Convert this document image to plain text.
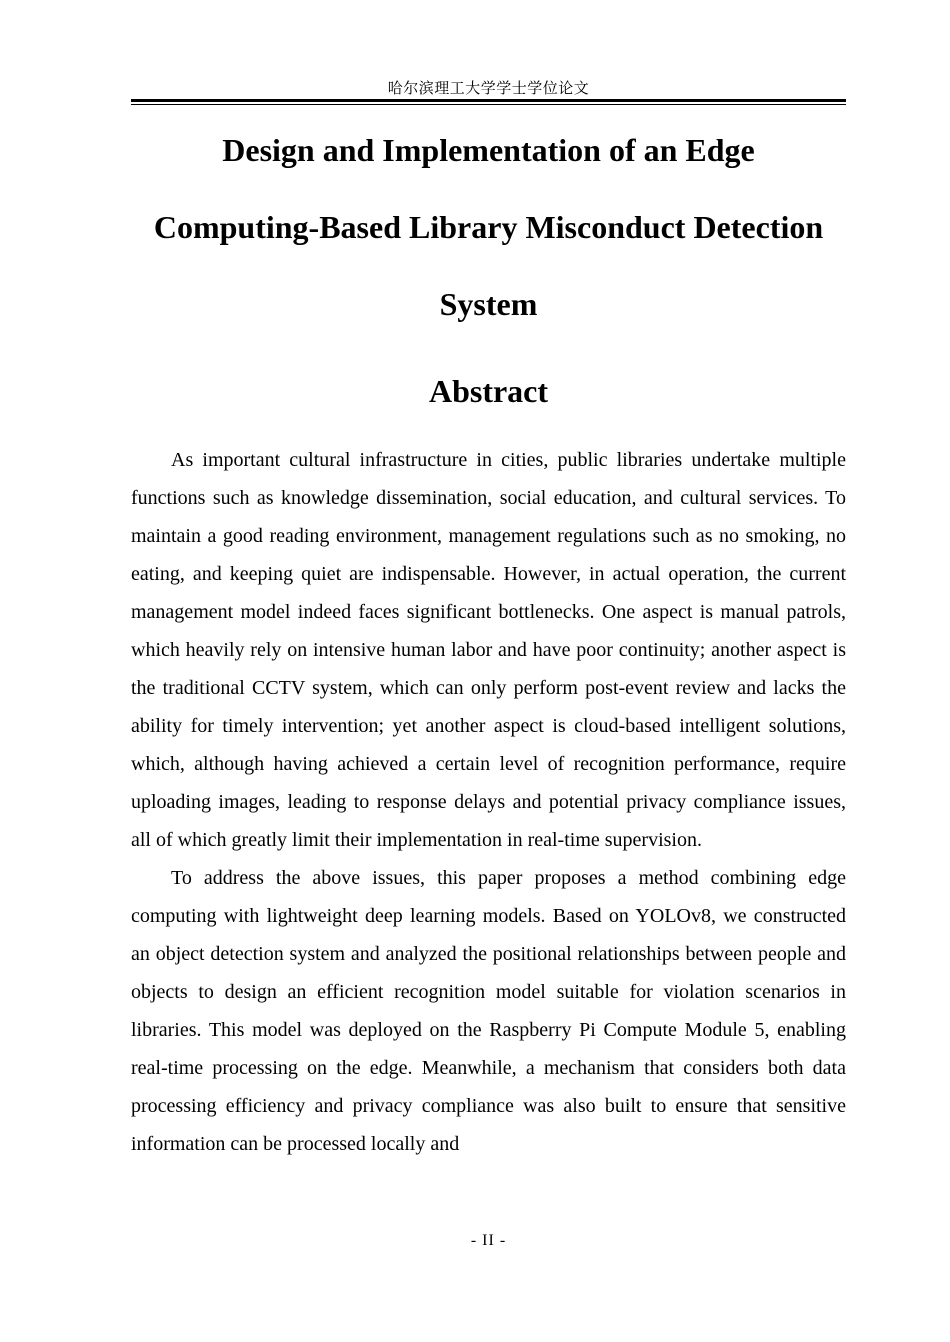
哈尔滨理工大学学士学位论文
Design and Implementation of an Edge
Computing-Based Library Misconduct Detection
System
Abstract

As important cultural infrastructure in cities, public libraries undertake multiple functions such as knowledge dissemination, social education, and cultural services. To maintain a good reading environment, management regulations such as no smoking, no eating, and keeping quiet are indispensable. However, in actual operation, the current management model indeed faces significant bottlenecks. One aspect is manual patrols, which heavily rely on intensive human labor and have poor continuity; another aspect is the traditional CCTV system, which can only perform post-event review and lacks the ability for timely intervention; yet another aspect is cloud-based intelligent solutions, which, although having achieved a certain level of recognition performance, require uploading images, leading to response delays and potential privacy compliance issues, all of which greatly limit their implementation in real-time supervision.

To address the above issues, this paper proposes a method combining edge computing with lightweight deep learning models. Based on YOLOv8, we constructed an object detection system and analyzed the positional relationships between people and objects to design an efficient recognition model suitable for violation scenarios in libraries. This model was deployed on the Raspberry Pi Compute Module 5, enabling real-time processing on the edge. Meanwhile, a mechanism that considers both data processing efficiency and privacy compliance was also built to ensure that sensitive information can be processed locally and

- II -
